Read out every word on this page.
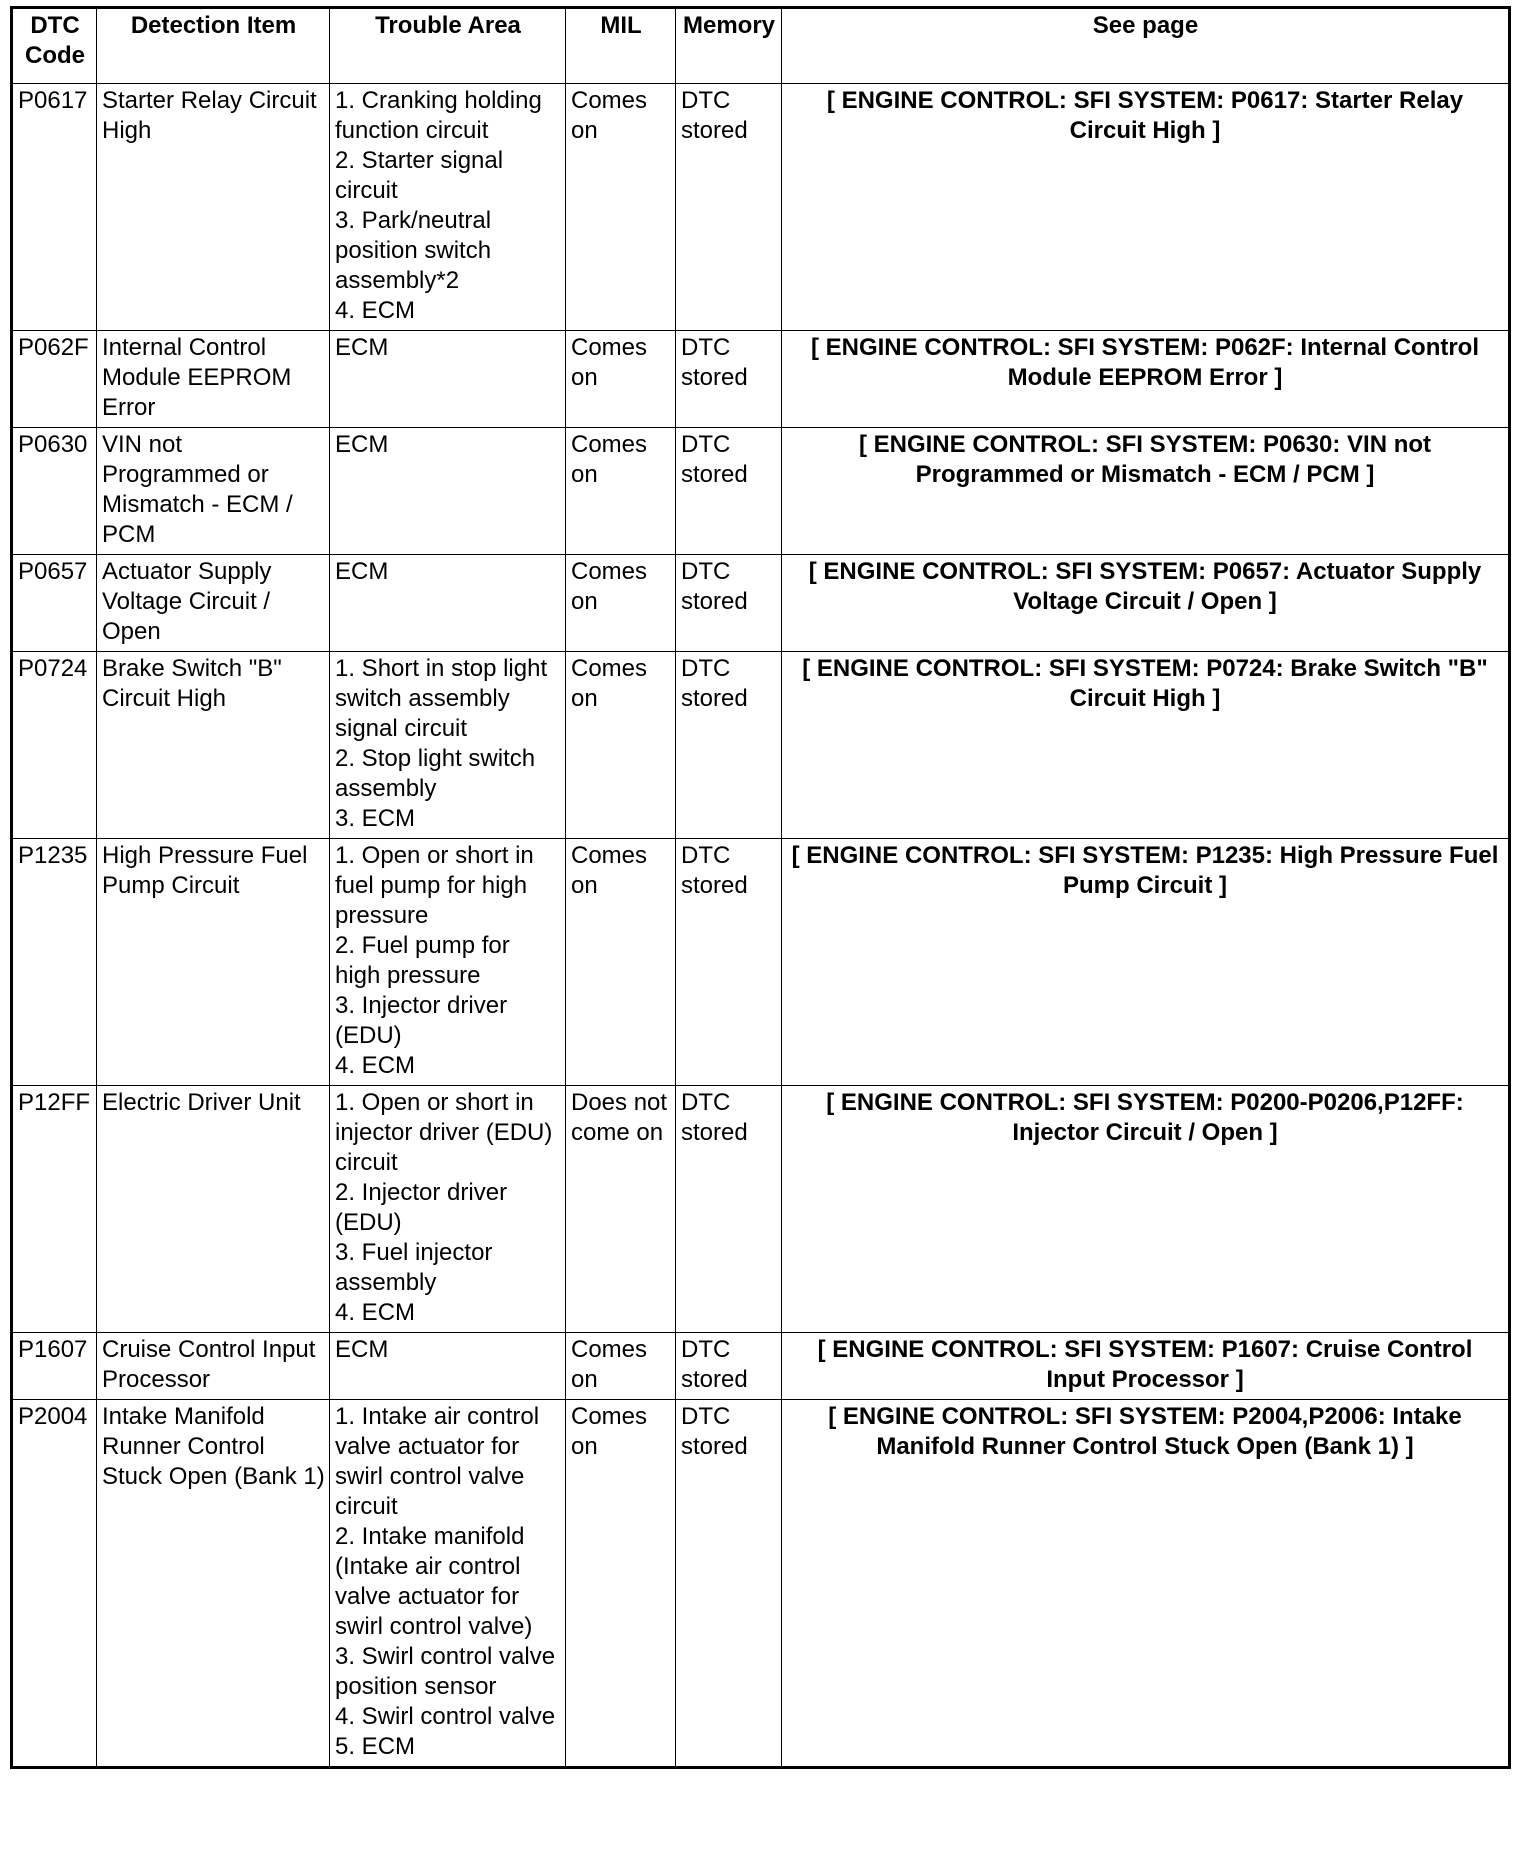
DTC
Code	Detection Item	Trouble Area	MIL	Memory	See page
P0617	Starter Relay Circuit High	1. Cranking holding function circuit
2. Starter signal circuit
3. Park/neutral position switch assembly*2
4. ECM	Comes on	DTC stored	[ ENGINE CONTROL: SFI SYSTEM: P0617: Starter Relay Circuit High ]
P062F	Internal Control Module EEPROM Error	ECM	Comes on	DTC stored	[ ENGINE CONTROL: SFI SYSTEM: P062F: Internal Control Module EEPROM Error ]
P0630	VIN not Programmed or Mismatch - ECM / PCM	ECM	Comes on	DTC stored	[ ENGINE CONTROL: SFI SYSTEM: P0630: VIN not Programmed or Mismatch - ECM / PCM ]
P0657	Actuator Supply Voltage Circuit / Open	ECM	Comes on	DTC stored	[ ENGINE CONTROL: SFI SYSTEM: P0657: Actuator Supply Voltage Circuit / Open ]
P0724	Brake Switch "B" Circuit High	1. Short in stop light switch assembly signal circuit
2. Stop light switch assembly
3. ECM	Comes on	DTC stored	[ ENGINE CONTROL: SFI SYSTEM: P0724: Brake Switch "B" Circuit High ]
P1235	High Pressure Fuel Pump Circuit	1. Open or short in fuel pump for high pressure
2. Fuel pump for high pressure
3. Injector driver (EDU)
4. ECM	Comes on	DTC stored	[ ENGINE CONTROL: SFI SYSTEM: P1235: High Pressure Fuel Pump Circuit ]
P12FF	Electric Driver Unit	1. Open or short in injector driver (EDU) circuit
2. Injector driver (EDU)
3. Fuel injector assembly
4. ECM	Does not come on	DTC stored	[ ENGINE CONTROL: SFI SYSTEM: P0200-P0206,P12FF: Injector Circuit / Open ]
P1607	Cruise Control Input Processor	ECM	Comes on	DTC stored	[ ENGINE CONTROL: SFI SYSTEM: P1607: Cruise Control Input Processor ]
P2004	Intake Manifold Runner Control Stuck Open (Bank 1)	1. Intake air control valve actuator for swirl control valve circuit
2. Intake manifold (Intake air control valve actuator for swirl control valve)
3. Swirl control valve position sensor
4. Swirl control valve
5. ECM	Comes on	DTC stored	[ ENGINE CONTROL: SFI SYSTEM: P2004,P2006: Intake Manifold Runner Control Stuck Open (Bank 1) ]
